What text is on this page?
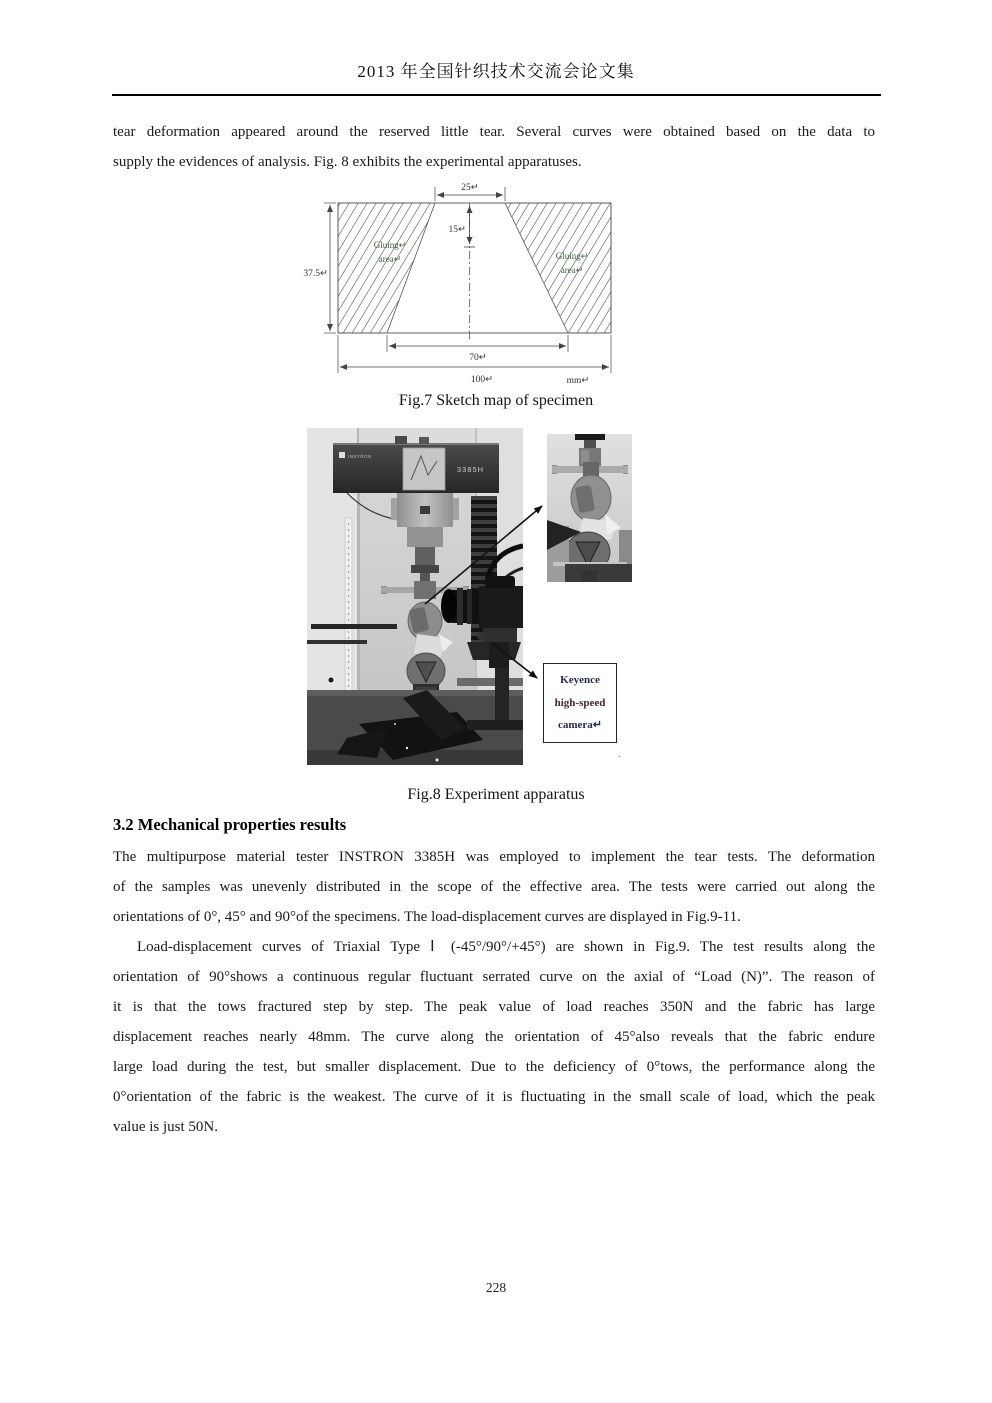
2013 年全国针织技术交流会论文集
tear deformation appeared around the reserved little tear. Several curves were obtained based on the data to
supply the evidences of analysis. Fig. 8 exhibits the experimental apparatuses.
15↵
25↵
37.5↵
70↵
100↵	mm↵
Gluing↵
area↵	Gluing↵
area↵
Fig.7 Sketch map of specimen
INSTRON
3385H
Keyence
high-speed
camera↵
.
Fig.8 Experiment apparatus
3.2 Mechanical properties results
The multipurpose material tester INSTRON 3385H was employed to implement the tear tests. The deformation
of the samples was unevenly distributed in the scope of the effective area. The tests were carried out along the
orientations of 0°, 45° and 90°of the specimens. The load-displacement curves are displayed in Fig.9-11.
Load-displacement curves of Triaxial Type Ⅰ (-45°/90°/+45°) are shown in Fig.9. The test results along the
orientation of 90°shows a continuous regular fluctuant serrated curve on the axial of “Load (N)”. The reason of
it is that the tows fractured step by step. The peak value of load reaches 350N and the fabric has large
displacement reaches nearly 48mm. The curve along the orientation of 45°also reveals that the fabric endure
large load during the test, but smaller displacement. Due to the deficiency of 0°tows, the performance along the
0°orientation of the fabric is the weakest. The curve of it is fluctuating in the small scale of load, which the peak
value is just 50N.
228
